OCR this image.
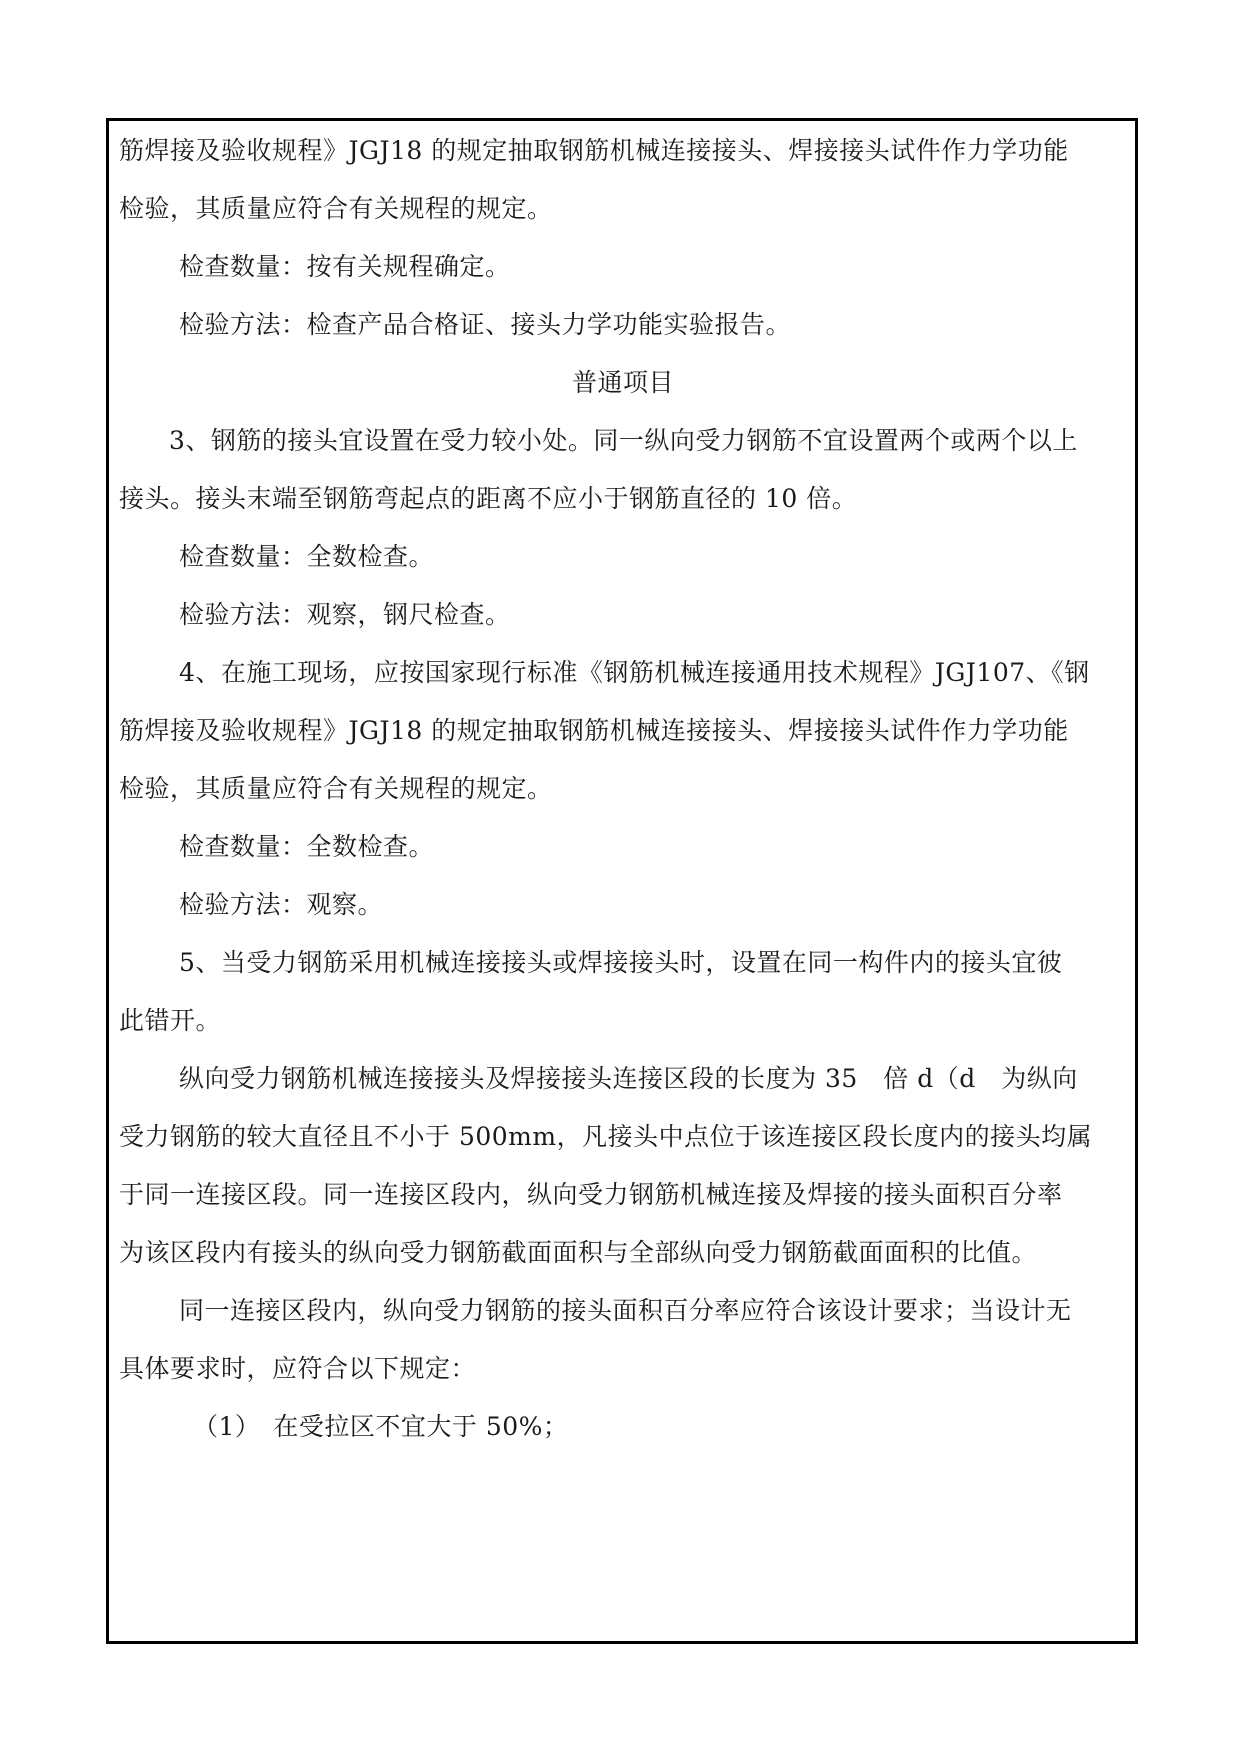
筋焊接及验收规程》JGJ18 的规定抽取钢筋机械连接接头、焊接接头试件作力学功能
检验，其质量应符合有关规程的规定。
检查数量：按有关规程确定。
检验方法：检查产品合格证、接头力学功能实验报告。
普通项目
3、钢筋的接头宜设置在受力较小处。同一纵向受力钢筋不宜设置两个或两个以上
接头。接头末端至钢筋弯起点的距离不应小于钢筋直径的 10 倍。
检查数量：全数检查。
检验方法：观察，钢尺检查。
4、在施工现场，应按国家现行标准《钢筋机械连接通用技术规程》JGJ107、《钢
筋焊接及验收规程》JGJ18 的规定抽取钢筋机械连接接头、焊接接头试件作力学功能
检验，其质量应符合有关规程的规定。
检查数量：全数检查。
检验方法：观察。
5、当受力钢筋采用机械连接接头或焊接接头时，设置在同一构件内的接头宜彼
此错开。
纵向受力钢筋机械连接接头及焊接接头连接区段的长度为 35　倍 d（d　为纵向
受力钢筋的较大直径且不小于 500mm，凡接头中点位于该连接区段长度内的接头均属
于同一连接区段。同一连接区段内，纵向受力钢筋机械连接及焊接的接头面积百分率
为该区段内有接头的纵向受力钢筋截面面积与全部纵向受力钢筋截面面积的比值。
同一连接区段内，纵向受力钢筋的接头面积百分率应符合该设计要求；当设计无
具体要求时，应符合以下规定：
（1）　在受拉区不宜大于 50%；
